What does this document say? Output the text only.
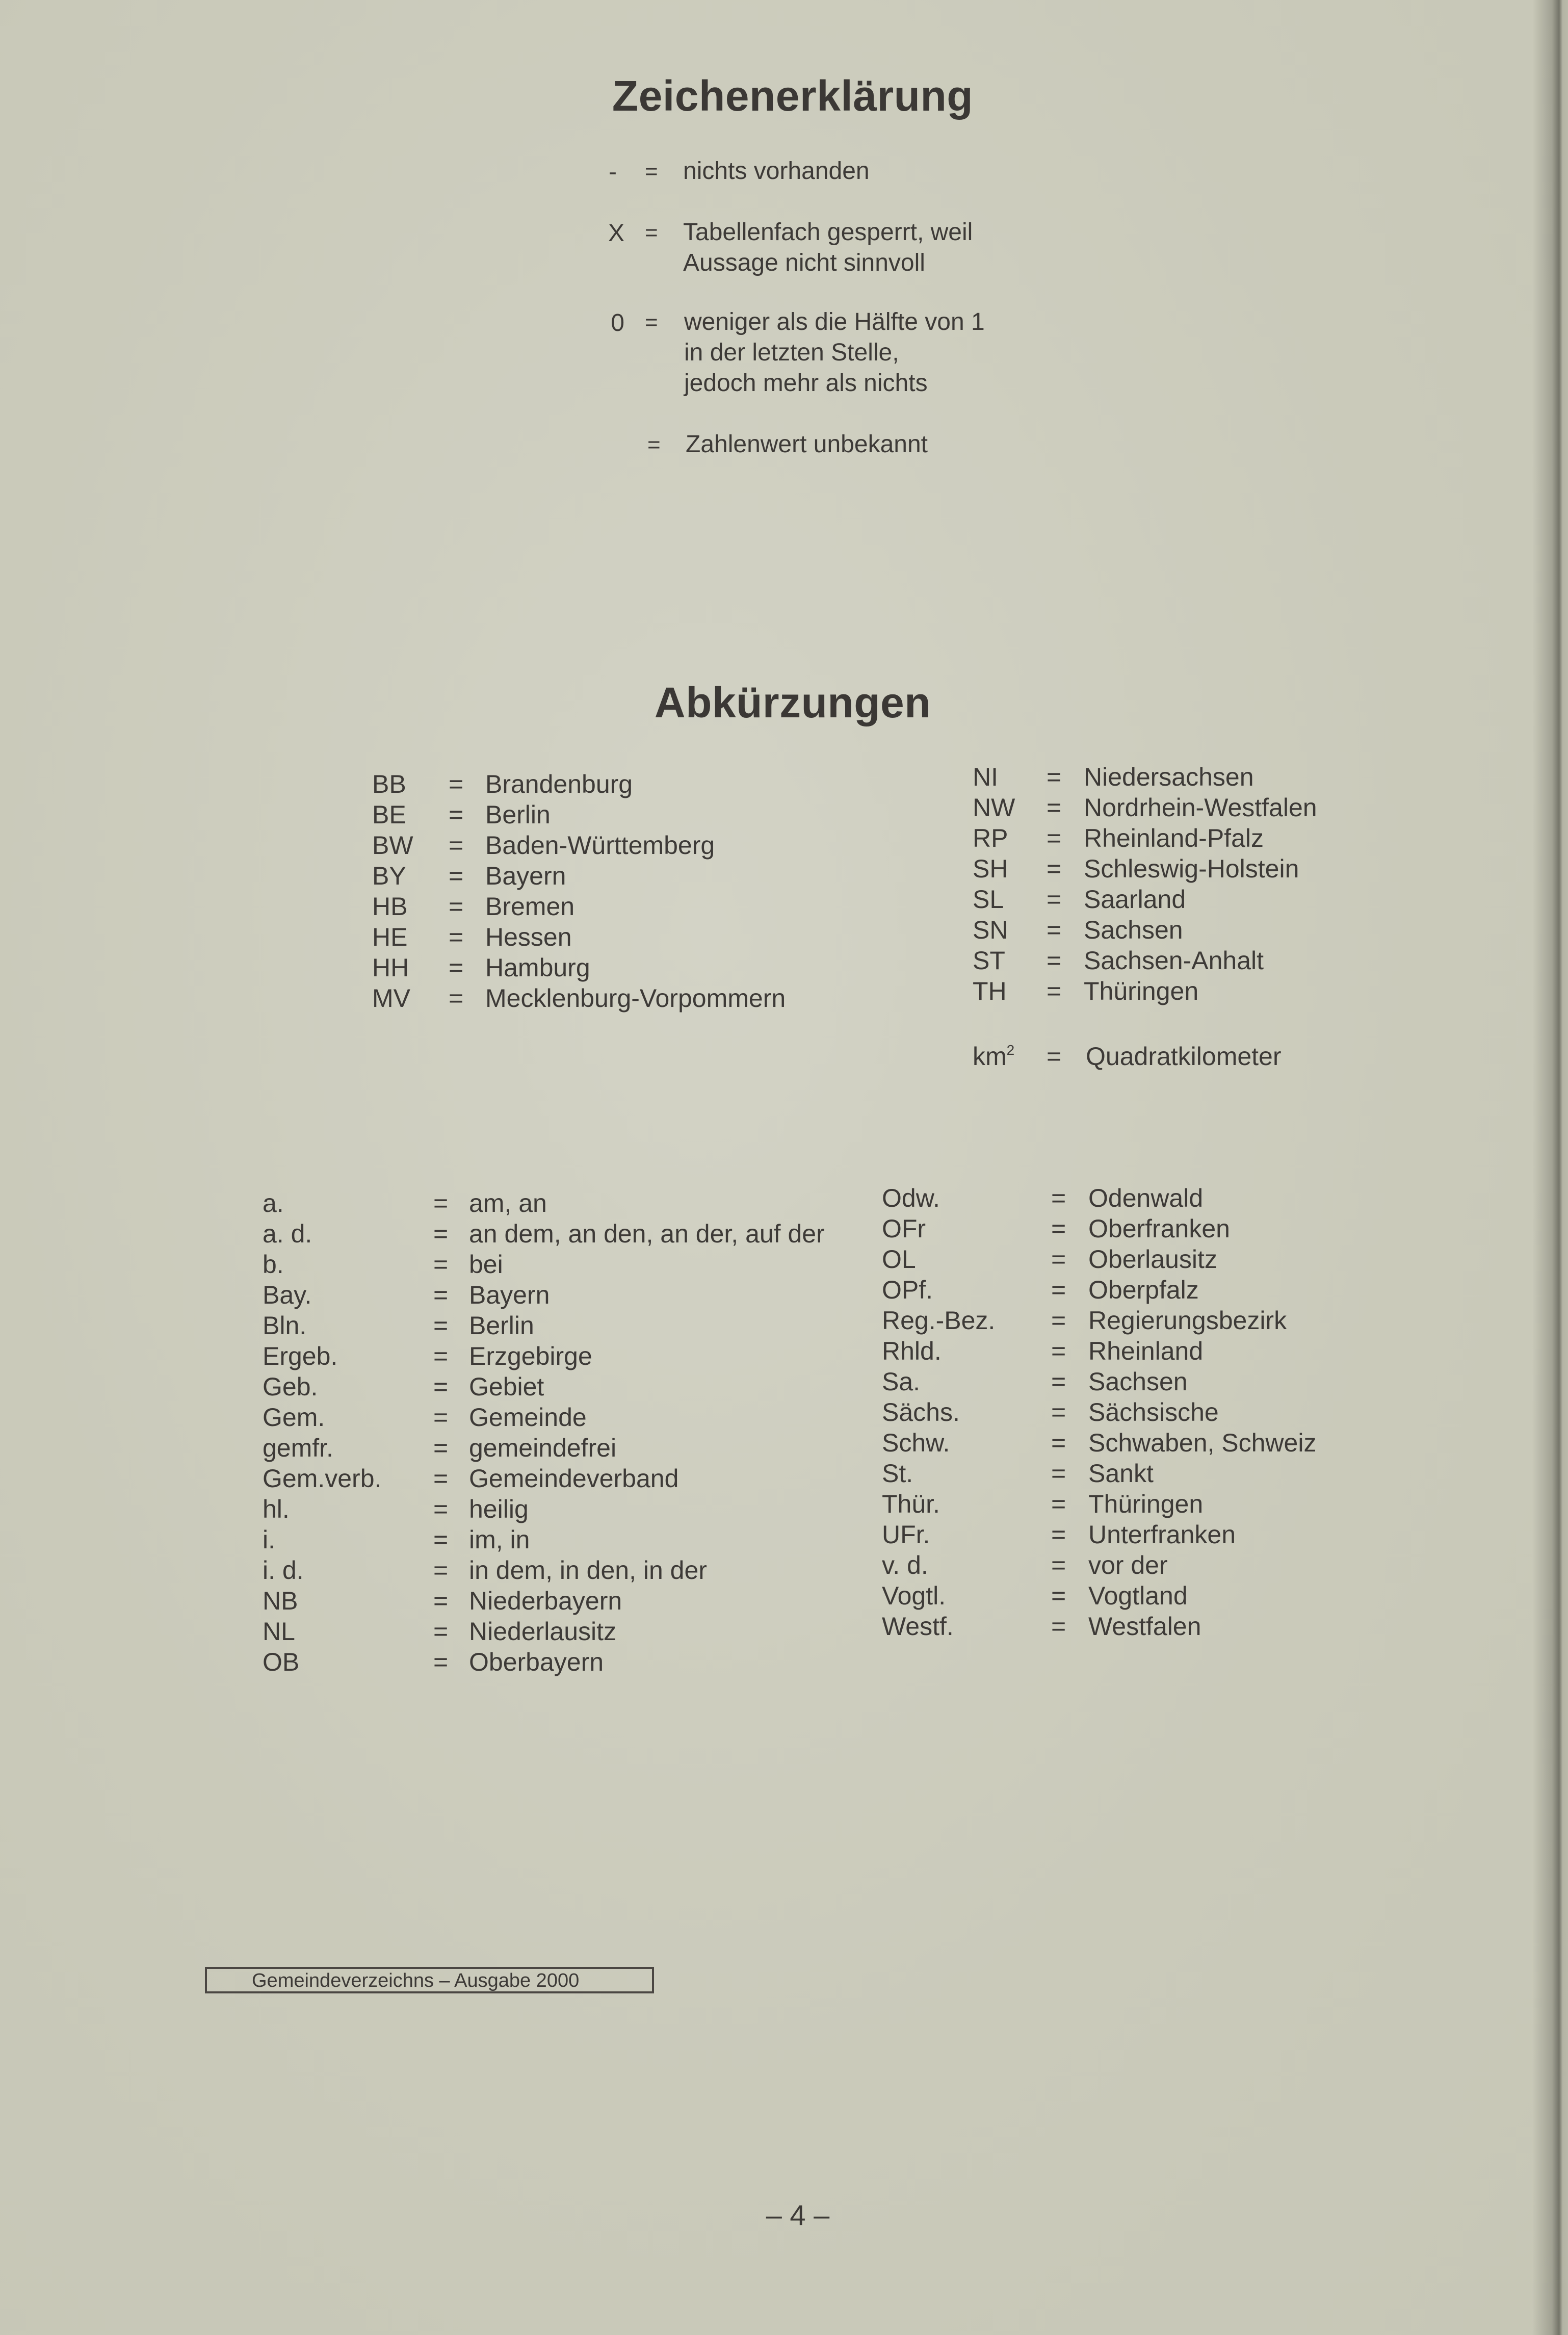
Zeichenerklärung
- = nichts vorhanden
X = Tabellenfach gesperrt, weil
Aussage nicht sinnvoll
0 = weniger als die Hälfte von 1
in der letzten Stelle,
jedoch mehr als nichts
= Zahlenwert unbekannt
Abkürzungen
BB = Brandenburg
BE = Berlin
BW = Baden-Württemberg
BY = Bayern
HB = Bremen
HE = Hessen
HH = Hamburg
MV = Mecklenburg-Vorpommern
NI = Niedersachsen
NW = Nordrhein-Westfalen
RP = Rheinland-Pfalz
SH = Schleswig-Holstein
SL = Saarland
SN = Sachsen
ST = Sachsen-Anhalt
TH = Thüringen
$km^2$ = Quadratkilometer
a.	= am, an
a. d.	= an dem, an den, an der, auf der
b.	= bei
Bay.	= Bayern
Bln.	= Berlin
Ergeb.	= Erzgebirge
Geb.	= Gebiet
Gem.	= Gemeinde
gemfr.	= gemeindefrei
Gem.verb. = Gemeindeverband
hl.	= heilig
i.	= im, in
i. d.	= in dem, in den, in der
NB	= Niederbayern
NL	= Niederlausitz
OB	= Oberbayern
Odw.	= Odenwald
OFr	= Oberfranken
OL	= Oberlausitz
OPf.	= Oberpfalz
Reg.-Bez. = Regierungsbezirk
Rhld.	= Rheinland
Sa.	= Sachsen
Sächs.	= Sächsische
Schw.	= Schwaben, Schweiz
St.	= Sankt
Thür.	= Thüringen
UFr.	= Unterfranken
v. d.	= vor der
Vogtl.	= Vogtland
Westf.	= Westfalen
Gemeindeverzeichns – Ausgabe 2000
– 4 –
